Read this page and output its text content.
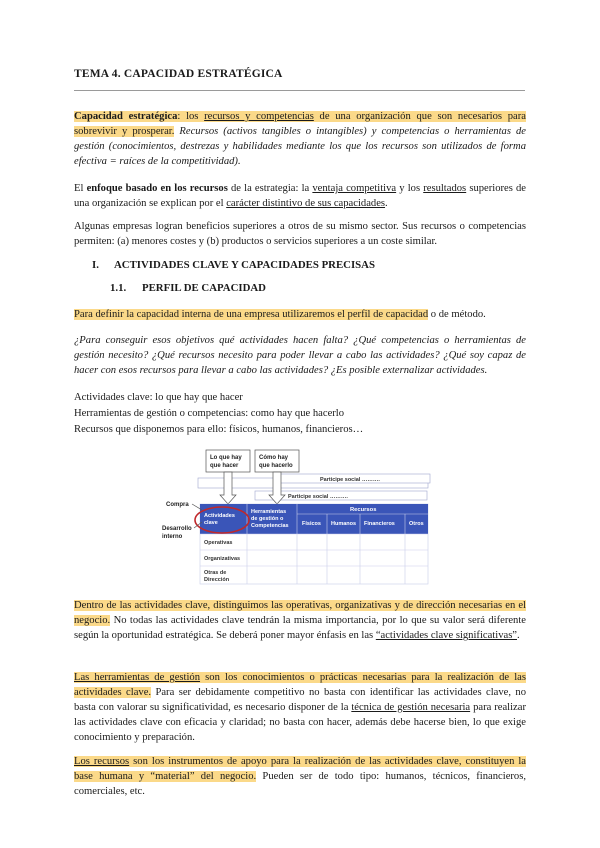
TEMA 4. CAPACIDAD ESTRATÉGICA
Capacidad estratégica: los recursos y competencias de una organización que son necesarios para sobrevivir y prosperar. Recursos (activos tangibles o intangibles) y competencias o herramientas de gestión (conocimientos, destrezas y habilidades mediante los que los recursos son utilizados de forma efectiva = raíces de la competitividad).
El enfoque basado en los recursos de la estrategia: la ventaja competitiva y los resultados superiores de una organización se explican por el carácter distintivo de sus capacidades.
Algunas empresas logran beneficios superiores a otros de su mismo sector. Sus recursos o competencias permiten: (a) menores costes y (b) productos o servicios superiores a un coste similar.
I. ACTIVIDADES CLAVE Y CAPACIDADES PRECISAS
1.1. PERFIL DE CAPACIDAD
Para definir la capacidad interna de una empresa utilizaremos el perfil de capacidad o de método.
¿Para conseguir esos objetivos qué actividades hacen falta? ¿Qué competencias o herramientas de gestión necesito? ¿Qué recursos necesito para poder llevar a cabo las actividades? ¿Qué soy capaz de hacer con esos recursos para llevar a cabo las actividades? ¿Es posible externalizar actividades.
Actividades clave: lo que hay que hacer
Herramientas de gestión o competencias: como hay que hacerlo
Recursos que disponemos para ello: físicos, humanos, financieros…
Participe social ……….
Participe social ……….
Lo que hay
que hacer
Cómo hay
que hacerlo
Actividades
clave
Herramientas
de gestión o
Competencias
Recursos
Físicos Humanos Financieros	Otros
Operativas
Organizativas
Otras de
Dirección
Compra
Desarrollo
interno
Dentro de las actividades clave, distinguimos las operativas, organizativas y de dirección necesarias en el negocio. No todas las actividades clave tendrán la misma importancia, por lo que su valor será diferente según la oportunidad estratégica. Se deberá poner mayor énfasis en las “actividades clave significativas”.
Las herramientas de gestión son los conocimientos o prácticas necesarias para la realización de las actividades clave. Para ser debidamente competitivo no basta con identificar las actividades clave, no basta con valorar su significatividad, es necesario disponer de la técnica de gestión necesaria para realizar las actividades clave con eficacia y claridad; no basta con hacer, además debe hacerse bien, lo que exige conocimiento y preparación.
Los recursos son los instrumentos de apoyo para la realización de las actividades clave, constituyen la base humana y “material” del negocio. Pueden ser de todo tipo: humanos, técnicos, financieros, comerciales, etc.
